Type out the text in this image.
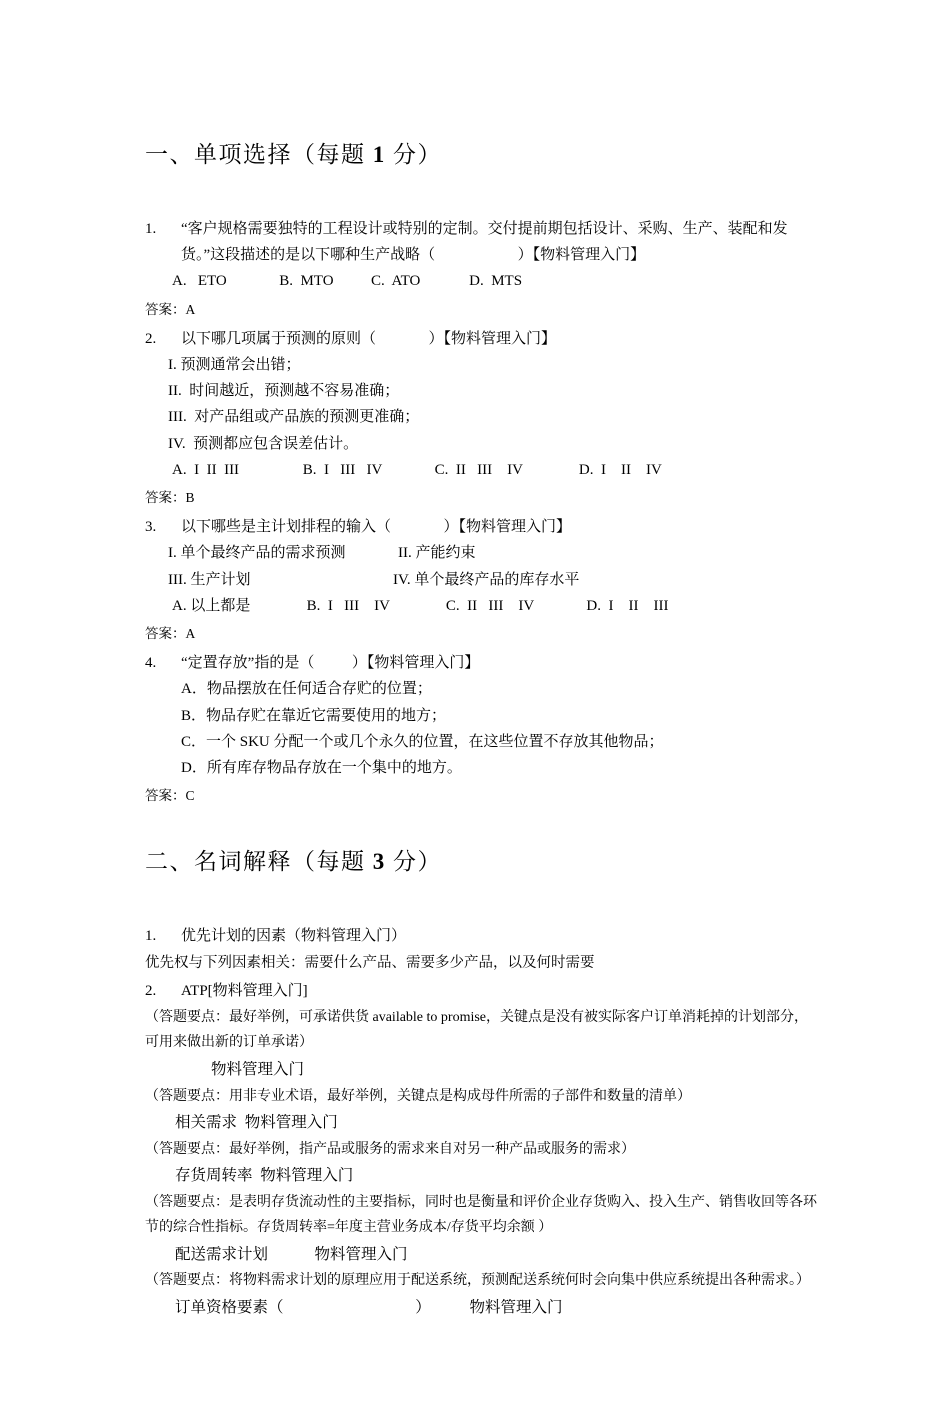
一、单项选择（每题 1 分）
1.	“客户规格需要独特的工程设计或特别的定制。交付提前期包括设计、采购、生产、装配和发货。”这段描述的是以下哪种生产战略（                      ）【物料管理入门】
A.   ETO              B.  MTO          C.  ATO             D.  MTS
答案：A
2.	以下哪几项属于预测的原则（              ）【物料管理入门】
I. 预测通常会出错；
II.  时间越近，预测越不容易准确；
III.  对产品组或产品族的预测更准确；
IV.  预测都应包含误差估计。
A.  I  II  III                 B.  I   III   IV              C.  II   III    IV               D.  I    II    IV
答案：B
3.	以下哪些是主计划排程的输入（              ）【物料管理入门】
I. 单个最终产品的需求预测              II. 产能约束
III. 生产计划                                      IV. 单个最终产品的库存水平
A. 以上都是               B.  I   III    IV               C.  II   III    IV              D.  I    II    III
答案：A
4.	“定置存放”指的是（          ）【物料管理入门】
A．物品摆放在任何适合存贮的位置；
B．物品存贮在靠近它需要使用的地方；
C．一个 SKU 分配一个或几个永久的位置，在这些位置不存放其他物品；
D．所有库存物品存放在一个集中的地方。
答案：C
二、名词解释（每题 3 分）
1.	优先计划的因素（物料管理入门）
优先权与下列因素相关：需要什么产品、需要多少产品，以及何时需要
2.	ATP[物料管理入门]
（答题要点：最好举例，可承诺供货 available to promise，关键点是没有被实际客户订单消耗掉的计划部分，可用来做出新的订单承诺）
物料管理入门
（答题要点：用非专业术语，最好举例，关键点是构成母件所需的子部件和数量的清单）
相关需求  物料管理入门
（答题要点：最好举例，指产品或服务的需求来自对另一种产品或服务的需求）
存货周转率  物料管理入门
（答题要点：是表明存货流动性的主要指标，同时也是衡量和评价企业存货购入、投入生产、销售收回等各环节的综合性指标。存货周转率=年度主营业务成本/存货平均余额 ）
配送需求计划            物料管理入门
（答题要点：将物料需求计划的原理应用于配送系统，预测配送系统何时会向集中供应系统提出各种需求。）
订单资格要素（                                  ）          物料管理入门
